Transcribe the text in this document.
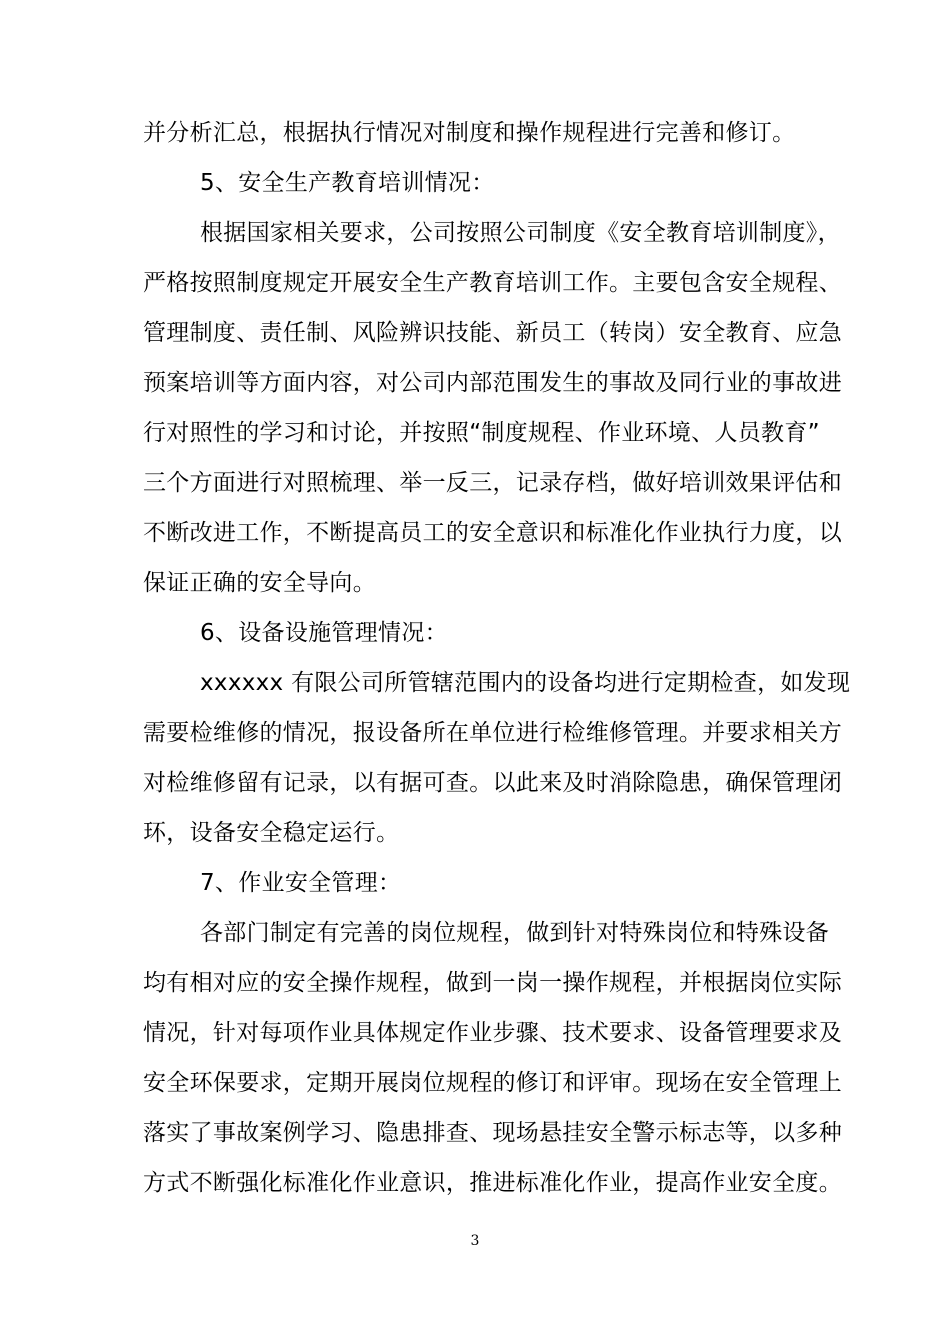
并分析汇总，根据执行情况对制度和操作规程进行完善和修订。
5、安全生产教育培训情况：
根据国家相关要求，公司按照公司制度《安全教育培训制度》，
严格按照制度规定开展安全生产教育培训工作。主要包含安全规程、
管理制度、责任制、风险辨识技能、新员工（转岗）安全教育、应急
预案培训等方面内容，对公司内部范围发生的事故及同行业的事故进
行对照性的学习和讨论，并按照“制度规程、作业环境、人员教育”
三个方面进行对照梳理、举一反三，记录存档，做好培训效果评估和
不断改进工作，不断提高员工的安全意识和标准化作业执行力度，以
保证正确的安全导向。
6、设备设施管理情况：
xxxxxx 有限公司所管辖范围内的设备均进行定期检查，如发现
需要检维修的情况，报设备所在单位进行检维修管理。并要求相关方
对检维修留有记录，以有据可查。以此来及时消除隐患，确保管理闭
环，设备安全稳定运行。
7、作业安全管理：
各部门制定有完善的岗位规程，做到针对特殊岗位和特殊设备
均有相对应的安全操作规程，做到一岗一操作规程，并根据岗位实际
情况，针对每项作业具体规定作业步骤、技术要求、设备管理要求及
安全环保要求，定期开展岗位规程的修订和评审。现场在安全管理上
落实了事故案例学习、隐患排查、现场悬挂安全警示标志等，以多种
方式不断强化标准化作业意识，推进标准化作业，提高作业安全度。
3
